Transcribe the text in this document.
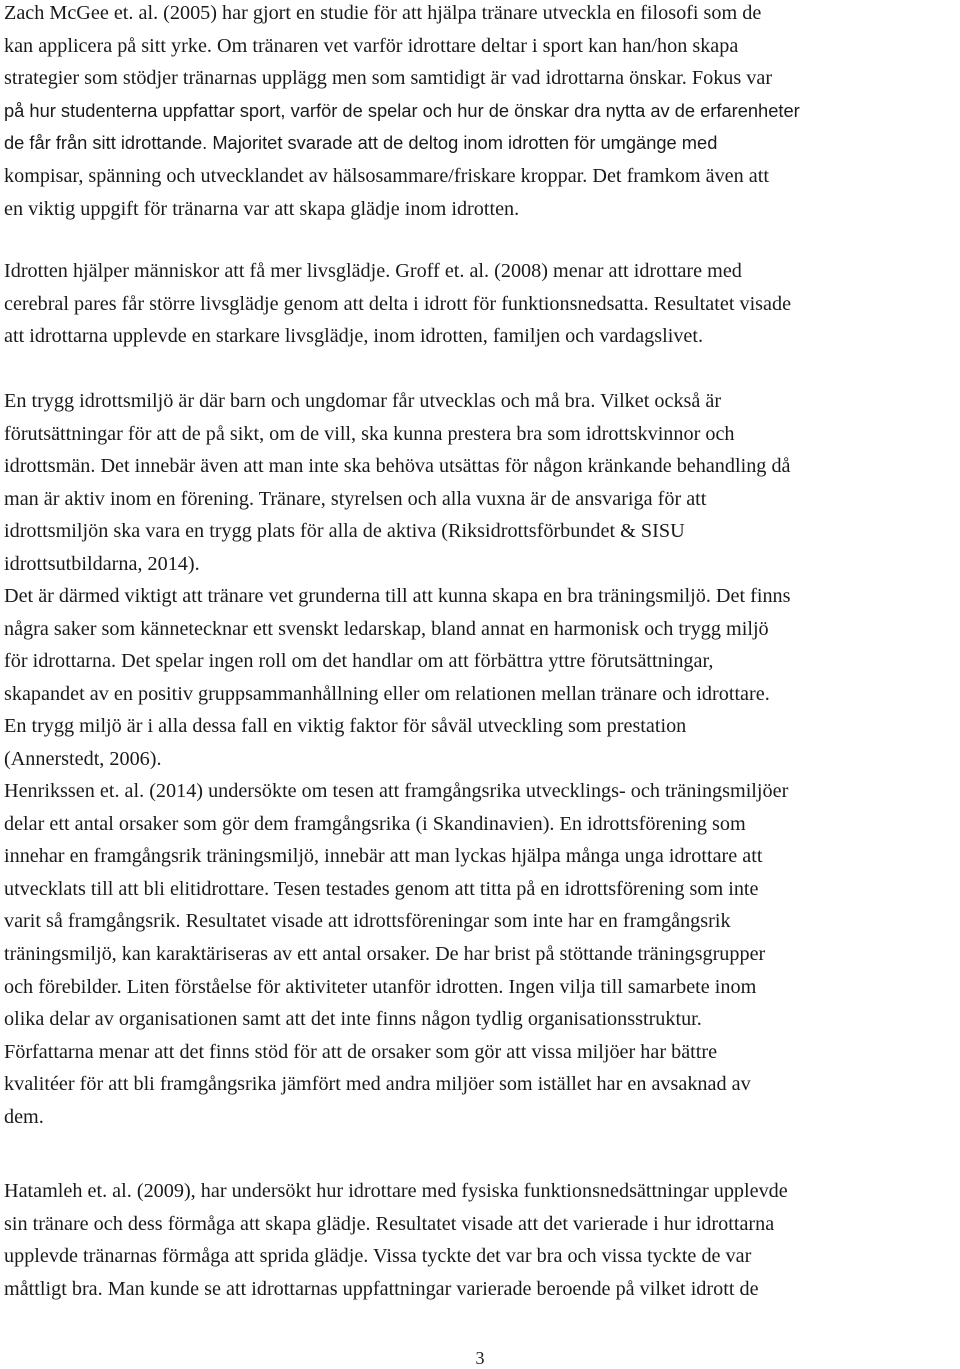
Zach McGee et. al. (2005) har gjort en studie för att hjälpa tränare utveckla en filosofi som de
kan applicera på sitt yrke. Om tränaren vet varför idrottare deltar i sport kan han/hon skapa
strategier som stödjer tränarnas upplägg men som samtidigt är vad idrottarna önskar. Fokus var
på hur studenterna uppfattar sport, varför de spelar och hur de önskar dra nytta av de erfarenheter
de får från sitt idrottande. Majoritet svarade att de deltog inom idrotten för umgänge med
kompisar, spänning och utvecklandet av hälsosammare/friskare kroppar. Det framkom även att
en viktig uppgift för tränarna var att skapa glädje inom idrotten.
Idrotten hjälper människor att få mer livsglädje. Groff et. al. (2008) menar att idrottare med
cerebral pares får större livsglädje genom att delta i idrott för funktionsnedsatta. Resultatet visade
att idrottarna upplevde en starkare livsglädje, inom idrotten, familjen och vardagslivet.
En trygg idrottsmiljö är där barn och ungdomar får utvecklas och må bra. Vilket också är
förutsättningar för att de på sikt, om de vill, ska kunna prestera bra som idrottskvinnor och
idrottsmän. Det innebär även att man inte ska behöva utsättas för någon kränkande behandling då
man är aktiv inom en förening. Tränare, styrelsen och alla vuxna är de ansvariga för att
idrottsmiljön ska vara en trygg plats för alla de aktiva (Riksidrottsförbundet & SISU
idrottsutbildarna, 2014).
Det är därmed viktigt att tränare vet grunderna till att kunna skapa en bra träningsmiljö. Det finns
några saker som kännetecknar ett svenskt ledarskap, bland annat en harmonisk och trygg miljö
för idrottarna. Det spelar ingen roll om det handlar om att förbättra yttre förutsättningar,
skapandet av en positiv gruppsammanhållning eller om relationen mellan tränare och idrottare.
En trygg miljö är i alla dessa fall en viktig faktor för såväl utveckling som prestation
(Annerstedt, 2006).
Henrikssen et. al. (2014) undersökte om tesen att framgångsrika utvecklings- och träningsmiljöer
delar ett antal orsaker som gör dem framgångsrika (i Skandinavien). En idrottsförening som
innehar en framgångsrik träningsmiljö, innebär att man lyckas hjälpa många unga idrottare att
utvecklats till att bli elitidrottare. Tesen testades genom att titta på en idrottsförening som inte
varit så framgångsrik. Resultatet visade att idrottsföreningar som inte har en framgångsrik
träningsmiljö, kan karaktäriseras av ett antal orsaker. De har brist på stöttande träningsgrupper
och förebilder. Liten förståelse för aktiviteter utanför idrotten. Ingen vilja till samarbete inom
olika delar av organisationen samt att det inte finns någon tydlig organisationsstruktur.
Författarna menar att det finns stöd för att de orsaker som gör att vissa miljöer har bättre
kvalitéer för att bli framgångsrika jämfört med andra miljöer som istället har en avsaknad av
dem.
Hatamleh et. al. (2009), har undersökt hur idrottare med fysiska funktionsnedsättningar upplevde
sin tränare och dess förmåga att skapa glädje. Resultatet visade att det varierade i hur idrottarna
upplevde tränarnas förmåga att sprida glädje. Vissa tyckte det var bra och vissa tyckte de var
måttligt bra. Man kunde se att idrottarnas uppfattningar varierade beroende på vilket idrott de
3
